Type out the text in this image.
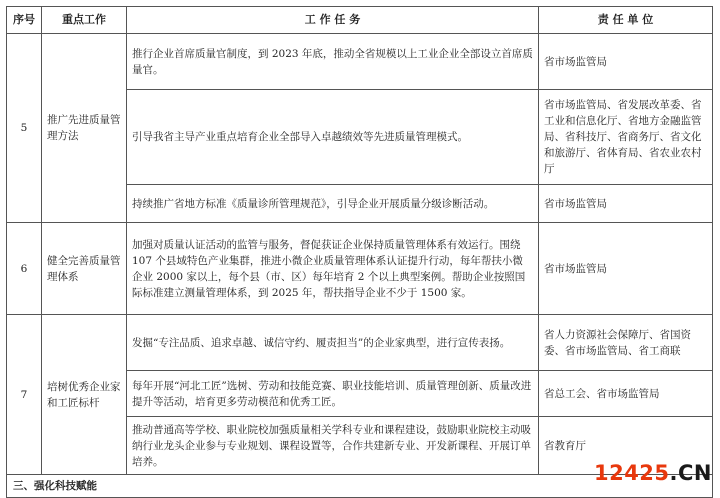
序号	重点工作	工 作 任 务	责 任 单 位
5	推广先进质量管理方法	推行企业首席质量官制度，到 2023 年底，推动全省规模以上工业企业全部设立首席质量官。	省市场监管局
		引导我省主导产业重点培育企业全部导入卓越绩效等先进质量管理模式。	省市场监管局、省发展改革委、省工业和信息化厅、省地方金融监管局、省科技厅、省商务厅、省文化和旅游厅、省体育局、省农业农村厅
		持续推广省地方标准《质量诊所管理规范》，引导企业开展质量分级诊断活动。	省市场监管局
6	健全完善质量管理体系	加强对质量认证活动的监管与服务，督促获证企业保持质量管理体系有效运行。围绕 107 个县域特色产业集群，推进小微企业质量管理体系认证提升行动，每年帮扶小微企业 2000 家以上，每个县（市、区）每年培育 2 个以上典型案例。帮助企业按照国际标准建立测量管理体系，到 2025 年，帮扶指导企业不少于 1500 家。	省市场监管局
7	培树优秀企业家和工匠标杆	发掘“专注品质、追求卓越、诚信守约、履责担当”的企业家典型，进行宣传表扬。	省人力资源社会保障厅、省国资委、省市场监管局、省工商联
		每年开展“河北工匠”选树、劳动和技能竞赛、职业技能培训、质量管理创新、质量改进提升等活动，培育更多劳动模范和优秀工匠。	省总工会、省市场监管局
		推动普通高等学校、职业院校加强质量相关学科专业和课程建设，鼓励职业院校主动吸纳行业龙头企业参与专业规划、课程设置等，合作共建新专业、开发新课程、开展订单培养。	省教育厅
三、强化科技赋能			
12425.CN
